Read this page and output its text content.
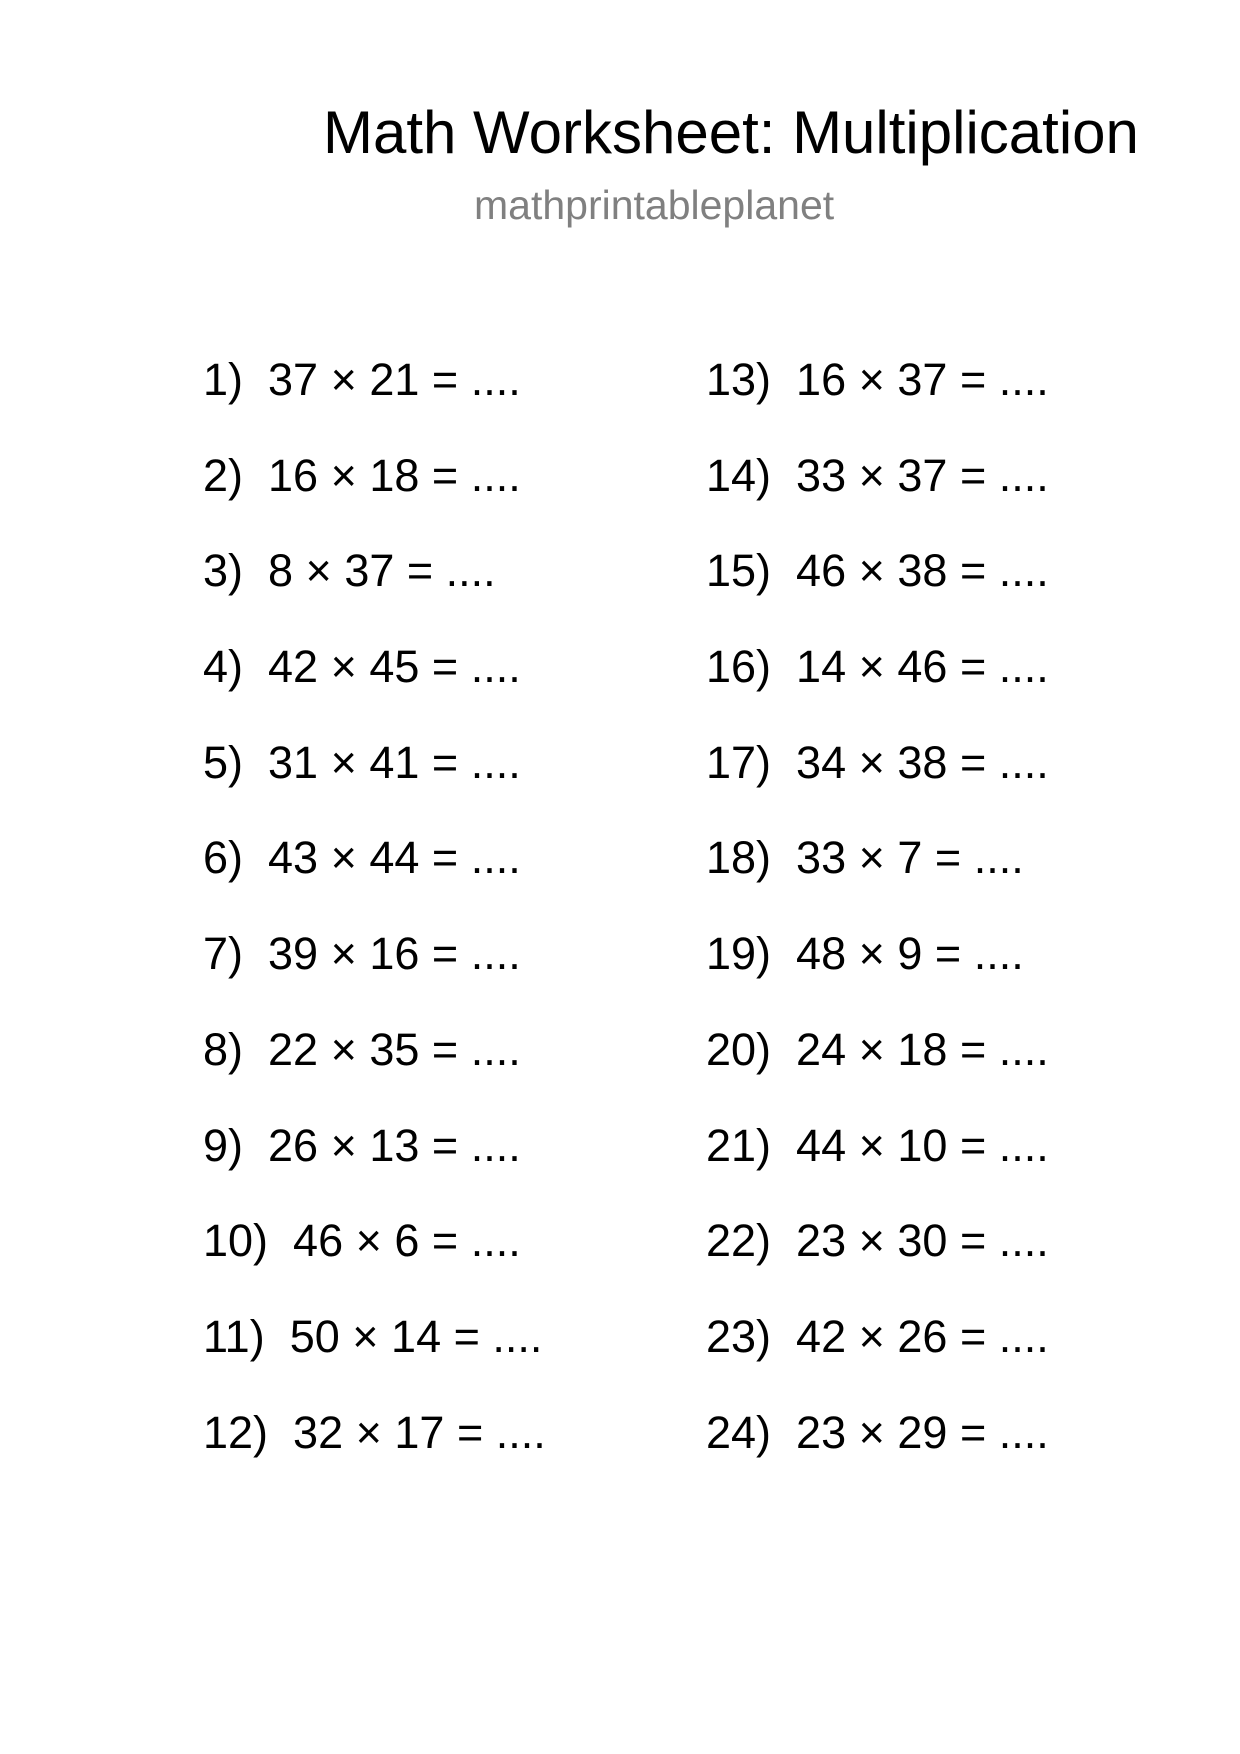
Math Worksheet: Multiplication
mathprintableplanet
1)  37 × 21 = ....
2)  16 × 18 = ....
3)  8 × 37 = ....
4)  42 × 45 = ....
5)  31 × 41 = ....
6)  43 × 44 = ....
7)  39 × 16 = ....
8)  22 × 35 = ....
9)  26 × 13 = ....
10)  46 × 6 = ....
11)  50 × 14 = ....
12)  32 × 17 = ....
13)  16 × 37 = ....
14)  33 × 37 = ....
15)  46 × 38 = ....
16)  14 × 46 = ....
17)  34 × 38 = ....
18)  33 × 7 = ....
19)  48 × 9 = ....
20)  24 × 18 = ....
21)  44 × 10 = ....
22)  23 × 30 = ....
23)  42 × 26 = ....
24)  23 × 29 = ....
